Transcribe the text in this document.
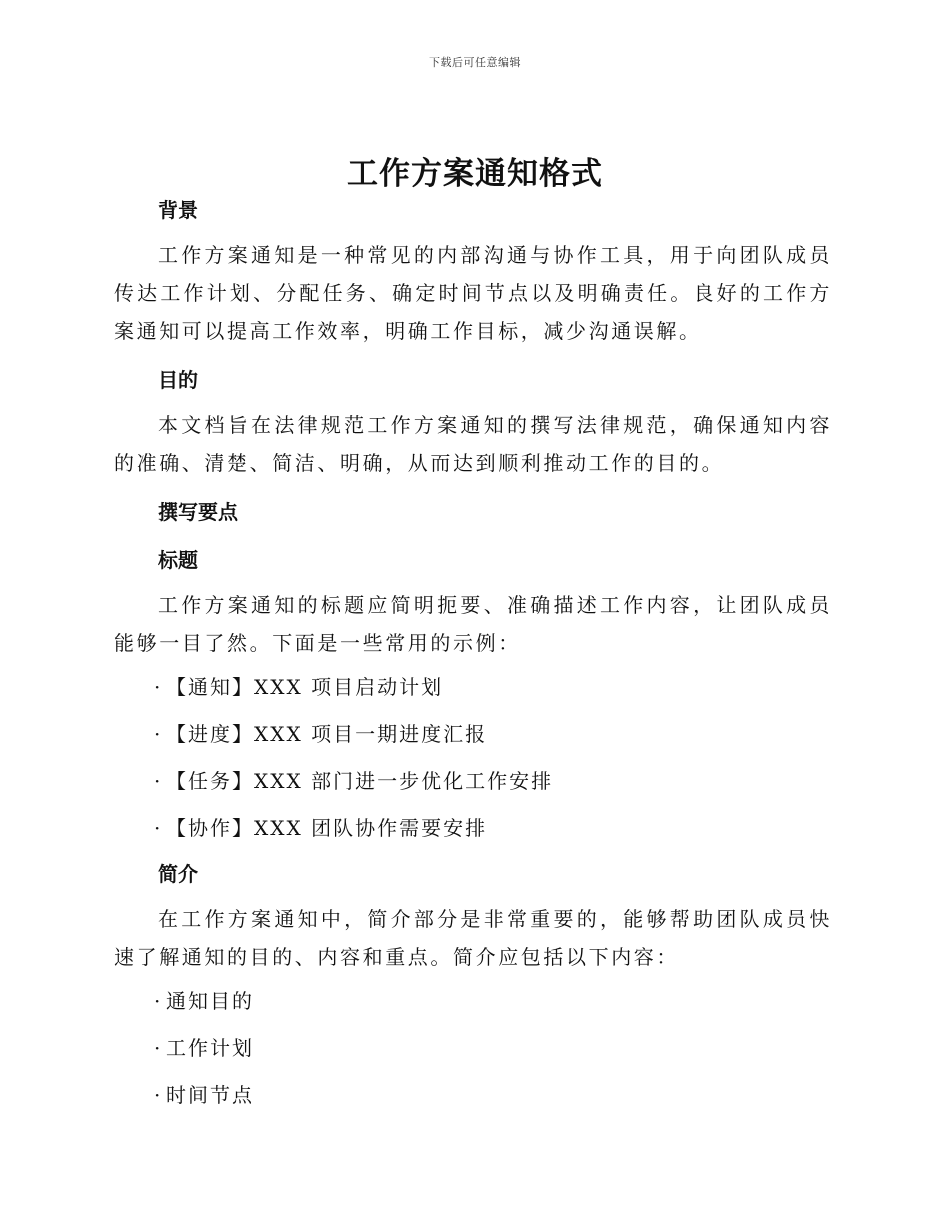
下载后可任意编辑
工作方案通知格式
背景

工作方案通知是一种常见的内部沟通与协作工具，用于向团队成员传达工作计划、分配任务、确定时间节点以及明确责任。良好的工作方案通知可以提高工作效率，明确工作目标，减少沟通误解。

目的

本文档旨在法律规范工作方案通知的撰写法律规范，确保通知内容的准确、清楚、简洁、明确，从而达到顺利推动工作的目的。

撰写要点
标题

工作方案通知的标题应简明扼要、准确描述工作内容，让团队成员能够一目了然。下面是一些常用的示例：

· 【通知】XXX 项目启动计划
· 【进度】XXX 项目一期进度汇报
· 【任务】XXX 部门进一步优化工作安排
· 【协作】XXX 团队协作需要安排
简介

在工作方案通知中，简介部分是非常重要的，能够帮助团队成员快速了解通知的目的、内容和重点。简介应包括以下内容：

· 通知目的
· 工作计划
· 时间节点
